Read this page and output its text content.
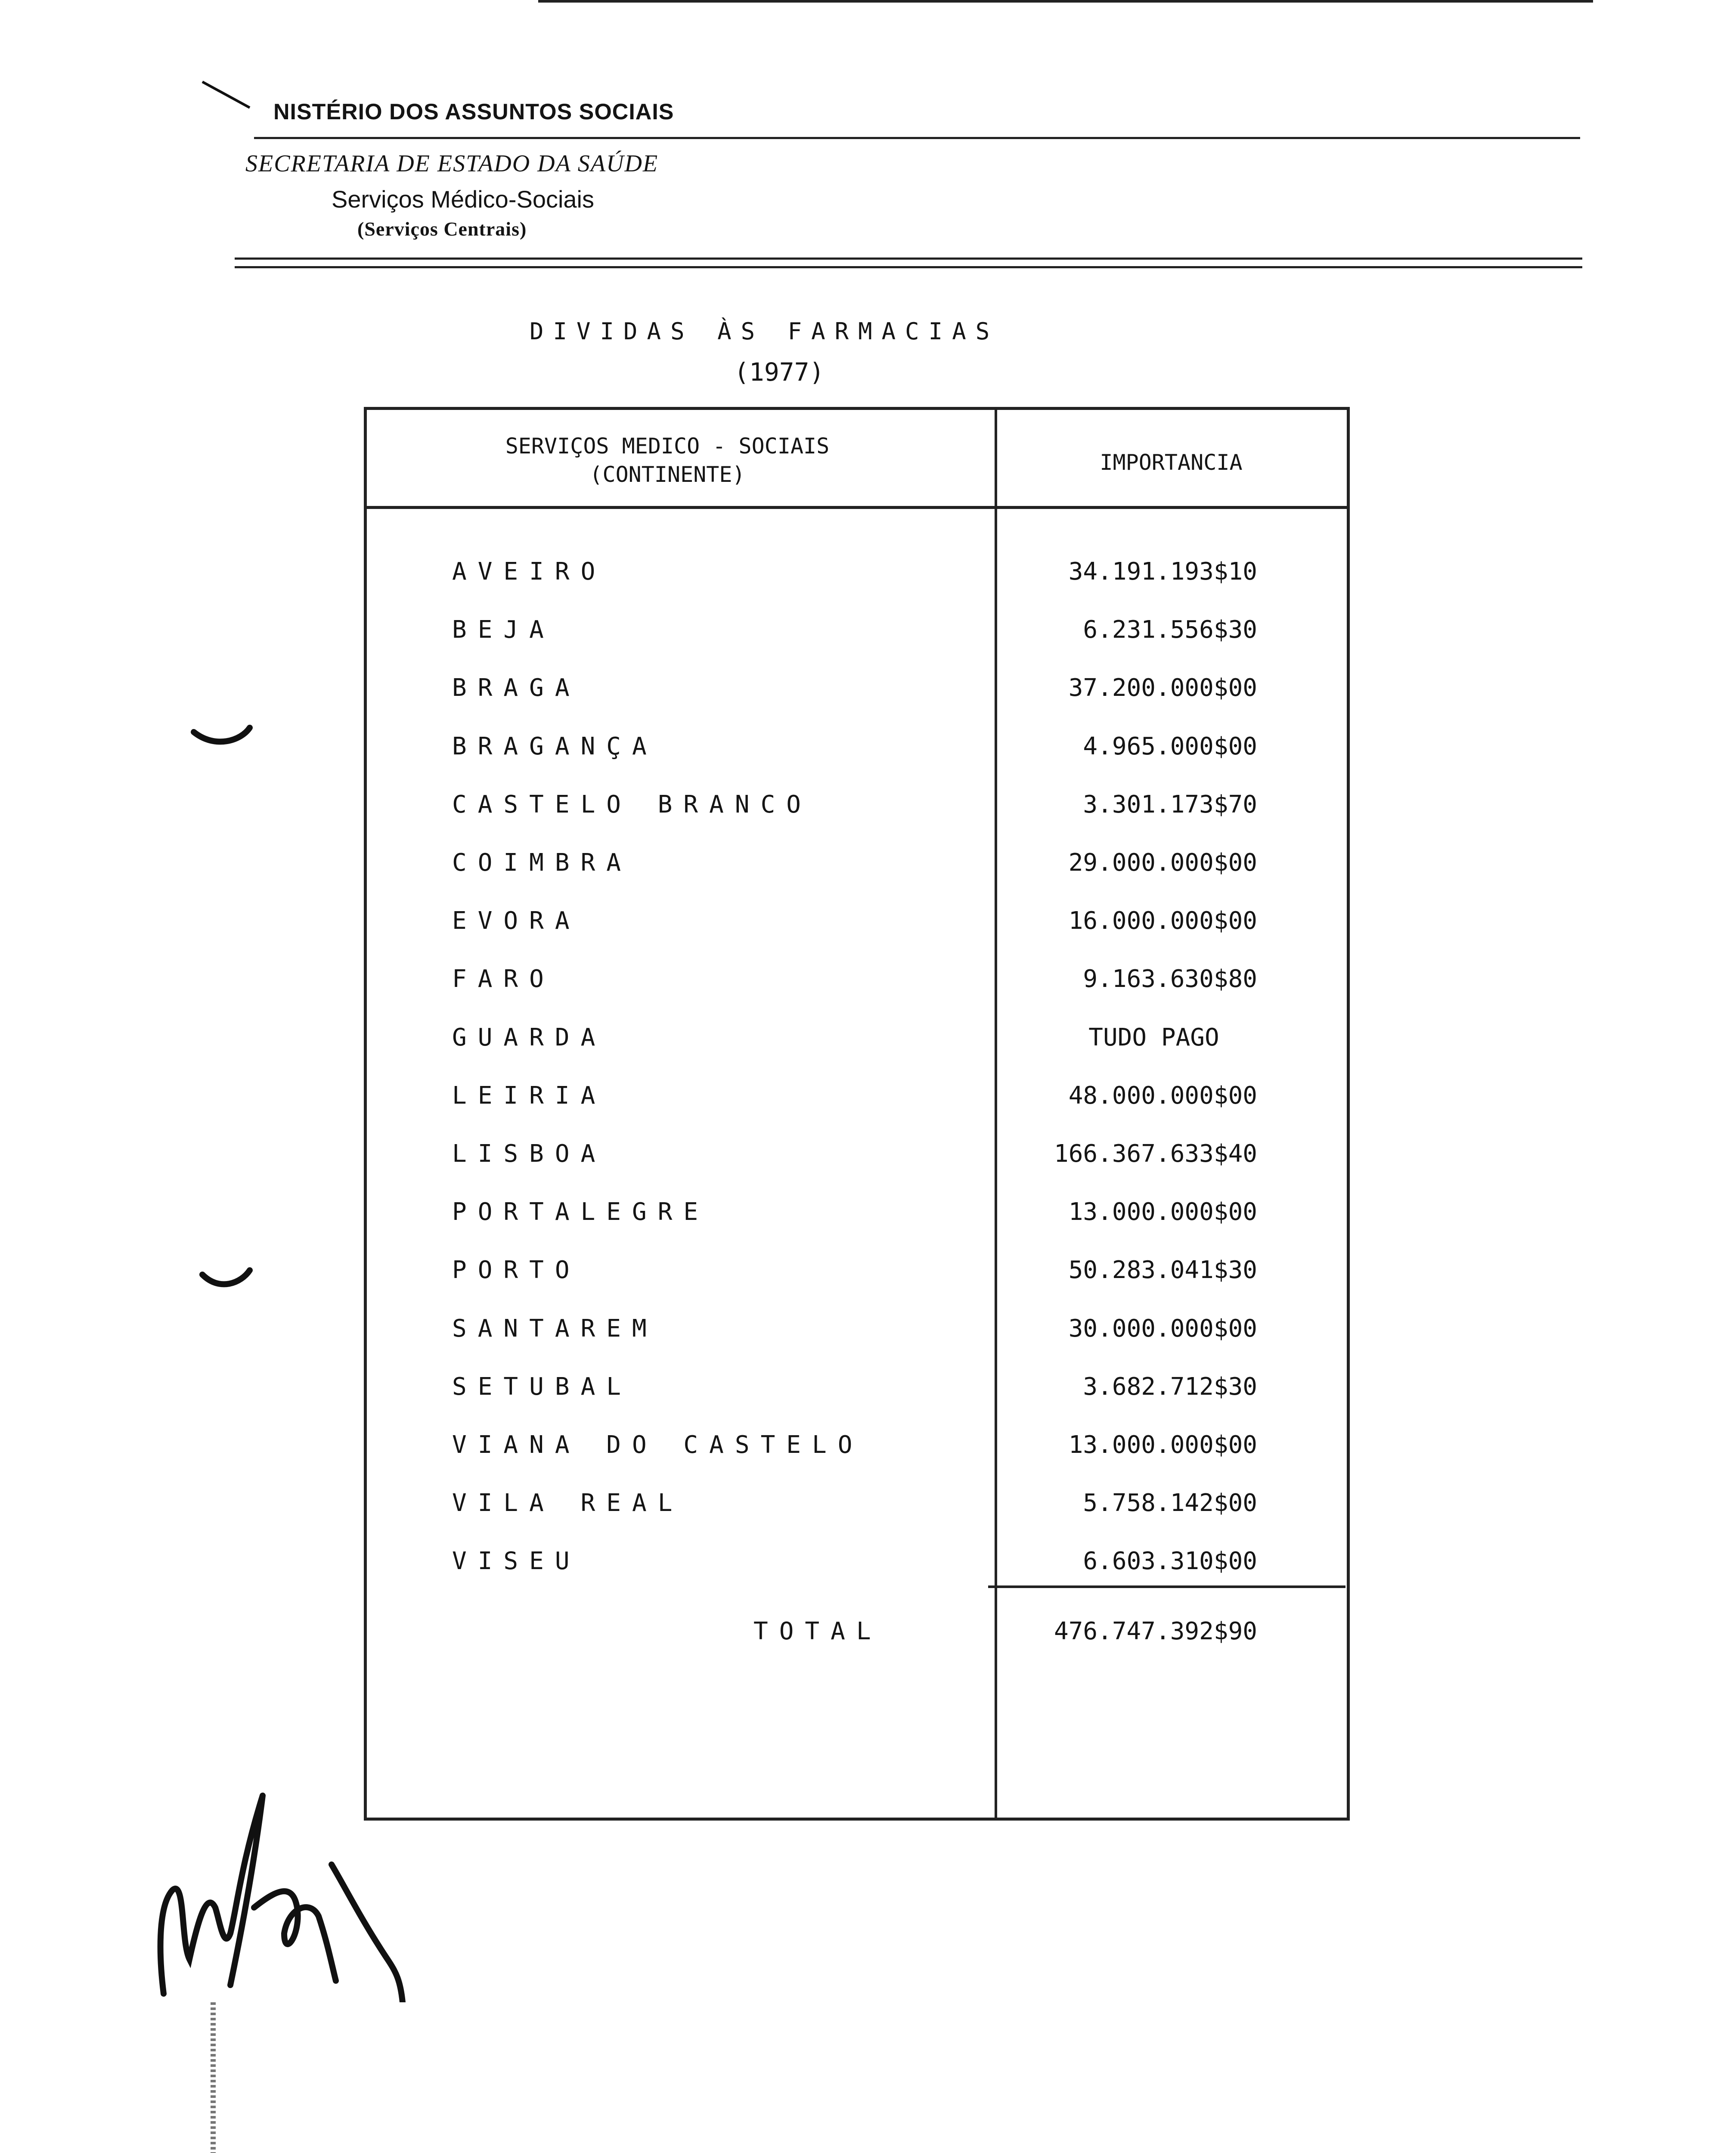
NISTÉRIO DOS ASSUNTOS SOCIAIS
SECRETARIA DE ESTADO DA SAÚDE
Serviços Médico-Sociais
(Serviços Centrais)
DIVIDAS ÀS FARMACIAS
(1977)
SERVIÇOS MEDICO - SOCIAIS
(CONTINENTE)	IMPORTANCIA
AVEIRO	34.191.193$10
BEJA	6.231.556$30
BRAGA	37.200.000$00
BRAGANÇA	4.965.000$00
CASTELO BRANCO	3.301.173$70
COIMBRA	29.000.000$00
EVORA	16.000.000$00
FARO	9.163.630$80
GUARDA	TUDO PAGO
LEIRIA	48.000.000$00
LISBOA	166.367.633$40
PORTALEGRE	13.000.000$00
PORTO	50.283.041$30
SANTAREM	30.000.000$00
SETUBAL	3.682.712$30
VIANA DO CASTELO	13.000.000$00
VILA REAL	5.758.142$00
VISEU	6.603.310$00
TOTAL	476.747.392$90
